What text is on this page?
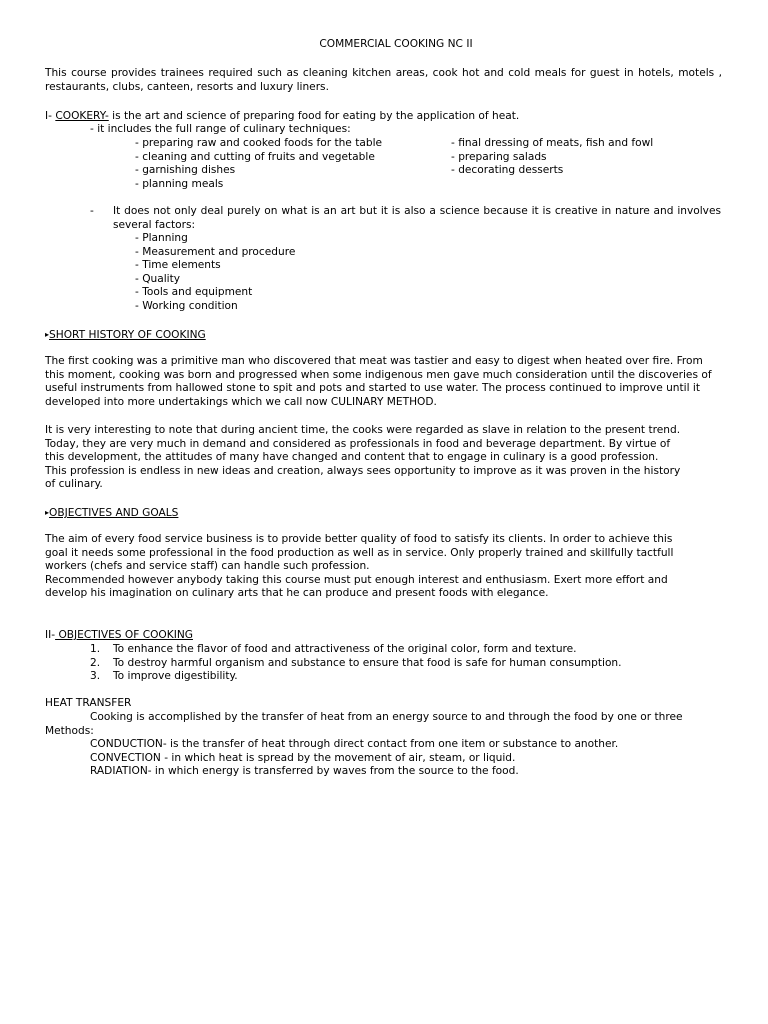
COMMERCIAL COOKING NC II
This course provides trainees required such as cleaning kitchen areas, cook hot and cold meals for guest in hotels, motels , restaurants, clubs, canteen, resorts and luxury liners.
I- COOKERY- is the art and science of preparing food for eating by the application of heat.
- it includes the full range of culinary techniques:
- preparing raw and cooked foods for the table
- cleaning and cutting of fruits and vegetable
- garnishing dishes
- planning meals
- final dressing of meats, fish and fowl
- preparing salads
- decorating desserts
-	It does not only deal purely on what is an art but it is also a science because it is creative in nature and involves several factors:
- Planning
- Measurement and procedure
- Time elements
- Quality
- Tools and equipment
- Working condition
▸SHORT HISTORY OF COOKING
The first cooking was a primitive man who discovered that meat was tastier and easy to digest when heated over fire. From this moment, cooking was born and progressed when some indigenous men gave much consideration until the discoveries of useful instruments from hallowed stone to spit and pots and started to use water. The process continued to improve until it developed into more undertakings which we call now CULINARY METHOD.
It is very interesting to note that during ancient time, the cooks were regarded as slave in relation to the present trend.
Today, they are very much in demand and considered as professionals in food and beverage department. By virtue of
this development, the attitudes of many have changed and content that to engage in culinary is a good profession.
This profession is endless in new ideas and creation, always sees opportunity to improve as it was proven in the history
of culinary.
▸OBJECTIVES AND GOALS
The aim of every food service business is to provide better quality of food to satisfy its clients. In order to achieve this
goal it needs some professional in the food production as well as in service. Only properly trained and skillfully tactfull
workers (chefs and service staff) can handle such profession.
Recommended however anybody taking this course must put enough interest and enthusiasm. Exert more effort and
develop his imagination on culinary arts that he can produce and present foods with elegance.
II- OBJECTIVES OF COOKING
1. To enhance the flavor of food and attractiveness of the original color, form and texture.
2. To destroy harmful organism and substance to ensure that food is safe for human consumption.
3. To improve digestibility.
HEAT TRANSFER
Cooking is accomplished by the transfer of heat from an energy source to and through the food by one or three
Methods:
CONDUCTION- is the transfer of heat through direct contact from one item or substance to another.
CONVECTION - in which heat is spread by the movement of air, steam, or liquid.
RADIATION- in which energy is transferred by waves from the source to the food.
